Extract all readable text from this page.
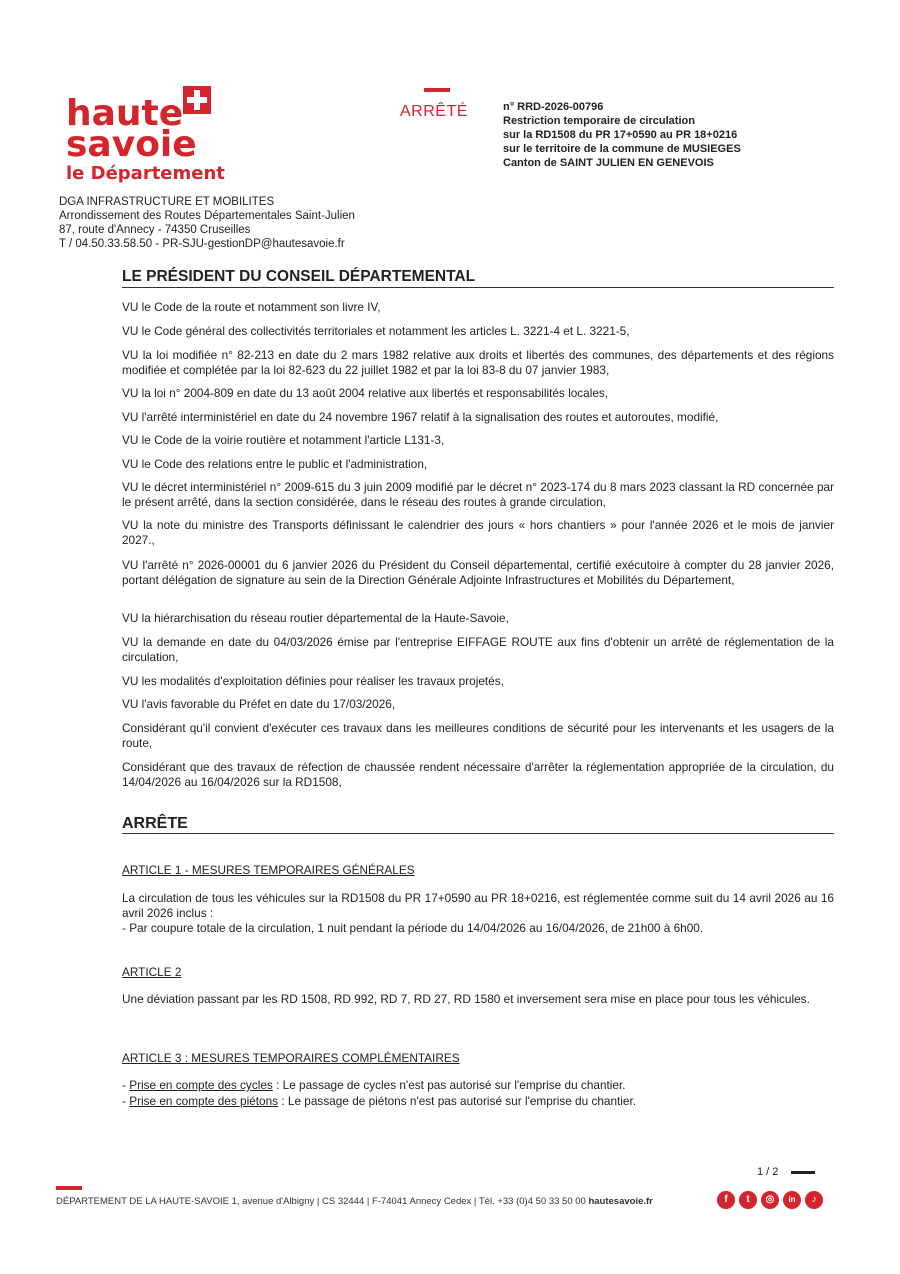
haute
savoie
le Département
DGA INFRASTRUCTURE ET MOBILITES
Arrondissement des Routes Départementales Saint-Julien
87, route d'Annecy - 74350 Cruseilles
T / 04.50.33.58.50 - PR-SJU-gestionDP@hautesavoie.fr
ARRÊTÉ	n° RRD-2026-00796
Restriction temporaire de circulation
sur la RD1508 du PR 17+0590 au PR 18+0216
sur le territoire de la commune de MUSIEGES
Canton de SAINT JULIEN EN GENEVOIS
LE PRÉSIDENT DU CONSEIL DÉPARTEMENTAL
VU le Code de la route et notamment son livre IV,
VU le Code général des collectivités territoriales et notamment les articles L. 3221-4 et L. 3221-5,
VU la loi modifiée n° 82-213 en date du 2 mars 1982 relative aux droits et libertés des communes, des départements et des régions modifiée et complétée par la loi 82-623 du 22 juillet 1982 et par la loi 83-8 du 07 janvier 1983,
VU la loi n° 2004-809 en date du 13 août 2004 relative aux libertés et responsabilités locales,
VU l'arrêté interministériel en date du 24 novembre 1967 relatif à la signalisation des routes et autoroutes, modifié,
VU le Code de la voirie routière et notamment l'article L131-3,
VU le Code des relations entre le public et l'administration,
VU le décret interministériel n° 2009-615 du 3 juin 2009 modifié par le décret n° 2023-174 du 8 mars 2023 classant la RD concernée par le présent arrêté, dans la section considérée, dans le réseau des routes à grande circulation,
VU la note du ministre des Transports définissant le calendrier des jours « hors chantiers » pour l'année 2026 et le mois de janvier 2027.,
VU l'arrêté n° 2026-00001 du 6 janvier 2026 du Président du Conseil départemental, certifié exécutoire à compter du 28 janvier 2026, portant délégation de signature au sein de la Direction Générale Adjointe Infrastructures et Mobilités du Département,
VU la hiérarchisation du réseau routier départemental de la Haute-Savoie,
VU la demande en date du 04/03/2026 émise par l'entreprise EIFFAGE ROUTE aux fins d'obtenir un arrêté de réglementation de la circulation,
VU les modalités d'exploitation définies pour réaliser les travaux projetés,
VU l'avis favorable du Préfet en date du 17/03/2026,
Considérant qu'il convient d'exécuter ces travaux dans les meilleures conditions de sécurité pour les intervenants et les usagers de la route,
Considérant que des travaux de réfection de chaussée rendent nécessaire d'arrêter la réglementation appropriée de la circulation, du 14/04/2026 au 16/04/2026 sur la RD1508,
ARRÊTE
ARTICLE 1 - MESURES TEMPORAIRES GÉNÉRALES
La circulation de tous les véhicules sur la RD1508 du PR 17+0590 au PR 18+0216, est réglementée comme suit du 14 avril 2026 au 16 avril 2026 inclus :
- Par coupure totale de la circulation, 1 nuit pendant la période du 14/04/2026 au 16/04/2026, de 21h00 à 6h00.
ARTICLE 2
Une déviation passant par les RD 1508, RD 992, RD 7, RD 27, RD 1580 et inversement sera mise en place pour tous les véhicules.
ARTICLE 3 : MESURES TEMPORAIRES COMPLÉMENTAIRES
- Prise en compte des cycles : Le passage de cycles n'est pas autorisé sur l'emprise du chantier.
- Prise en compte des piétons : Le passage de piétons n'est pas autorisé sur l'emprise du chantier.
1 / 2
DÉPARTEMENT DE LA HAUTE-SAVOIE 1, avenue d'Albigny | CS 32444 | F-74041 Annecy Cedex | Tél. +33 (0)4 50 33 50 00 hautesavoie.fr	f	t	◎	in	♪
